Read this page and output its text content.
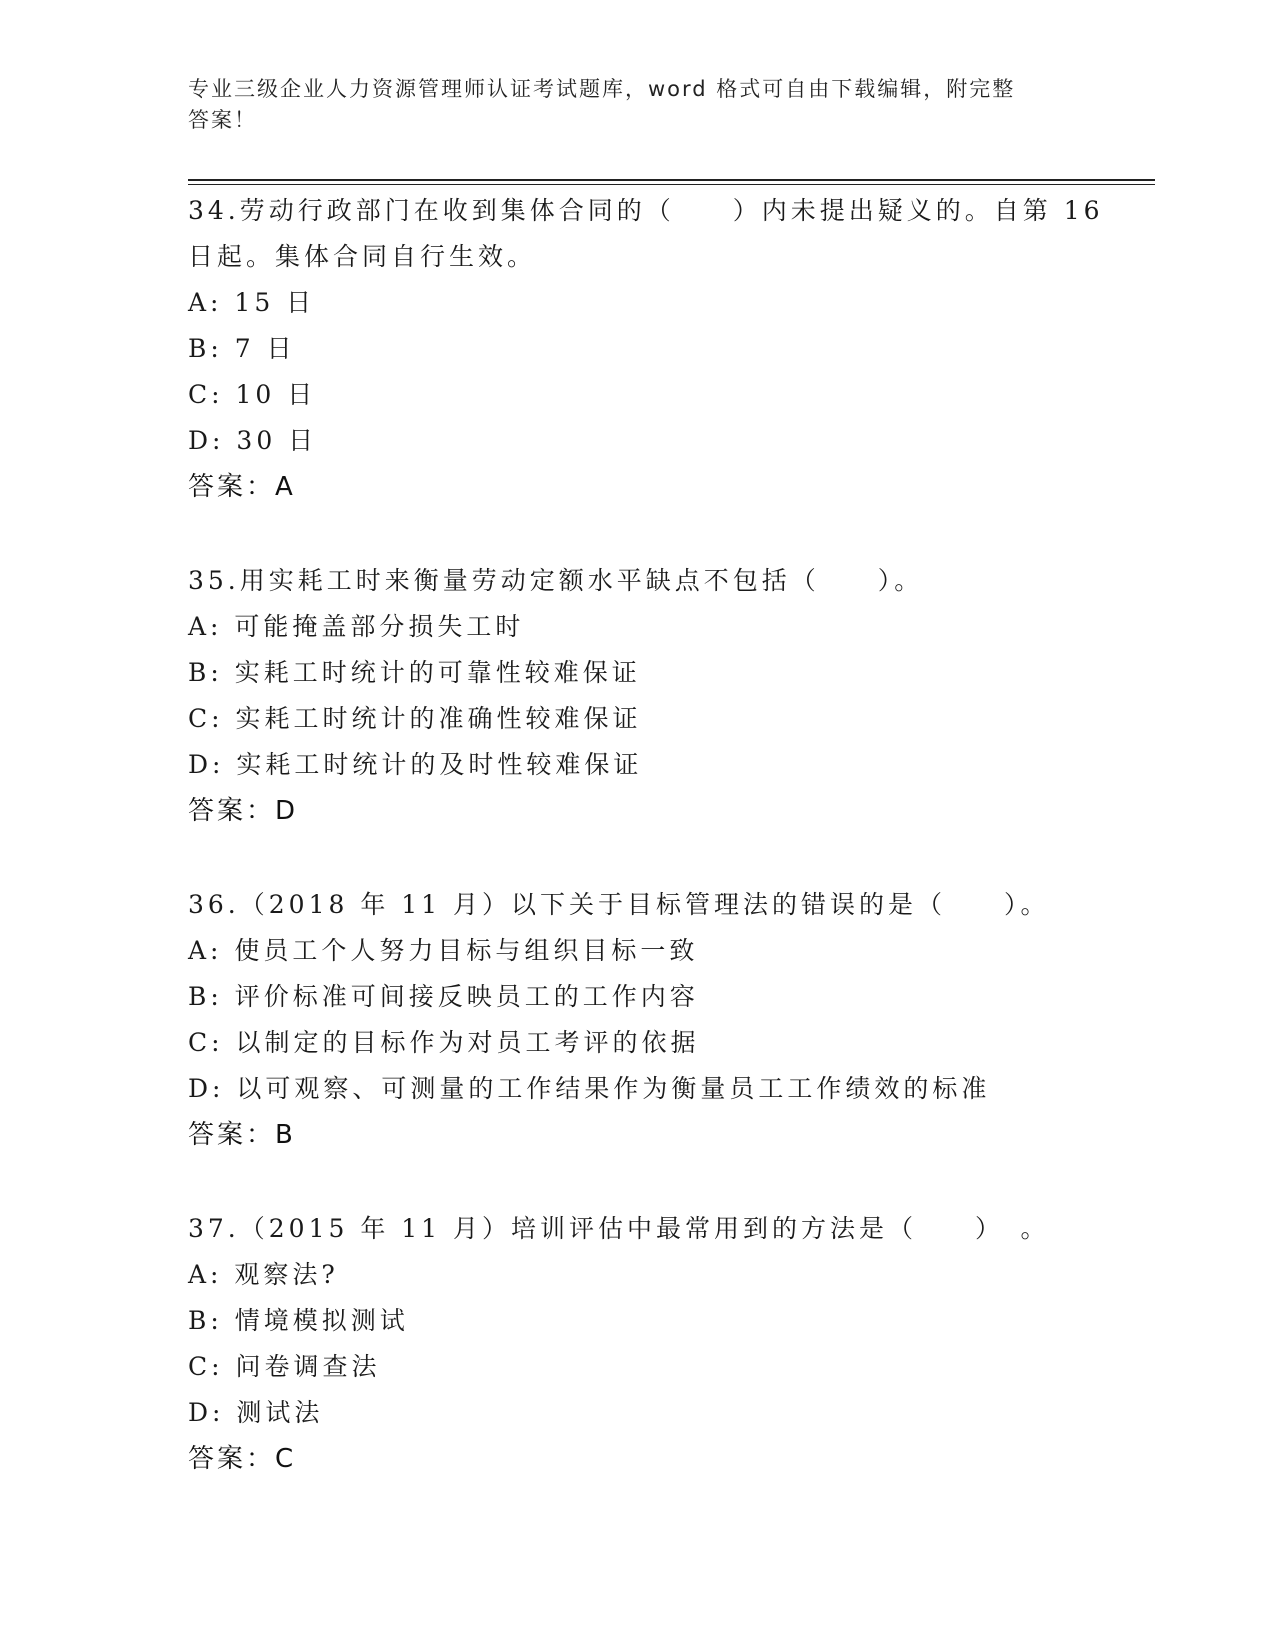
专业三级企业人力资源管理师认证考试题库，word 格式可自由下载编辑，附完整
答案！
34.劳动行政部门在收到集体合同的（　　）内未提出疑义的。自第 16
日起。集体合同自行生效。
A: 15 日
B: 7 日
C: 10 日
D: 30 日
答案：A
35.用实耗工时来衡量劳动定额水平缺点不包括（　　）。
A: 可能掩盖部分损失工时
B: 实耗工时统计的可靠性较难保证
C: 实耗工时统计的准确性较难保证
D: 实耗工时统计的及时性较难保证
答案：D
36.（2018 年 11 月）以下关于目标管理法的错误的是（　　）。
A: 使员工个人努力目标与组织目标一致
B: 评价标准可间接反映员工的工作内容
C: 以制定的目标作为对员工考评的依据
D: 以可观察、可测量的工作结果作为衡量员工工作绩效的标准
答案：B
37.（2015 年 11 月）培训评估中最常用到的方法是（　　）　。
A: 观察法?
B: 情境模拟测试
C: 问卷调查法
D: 测试法
答案：C
